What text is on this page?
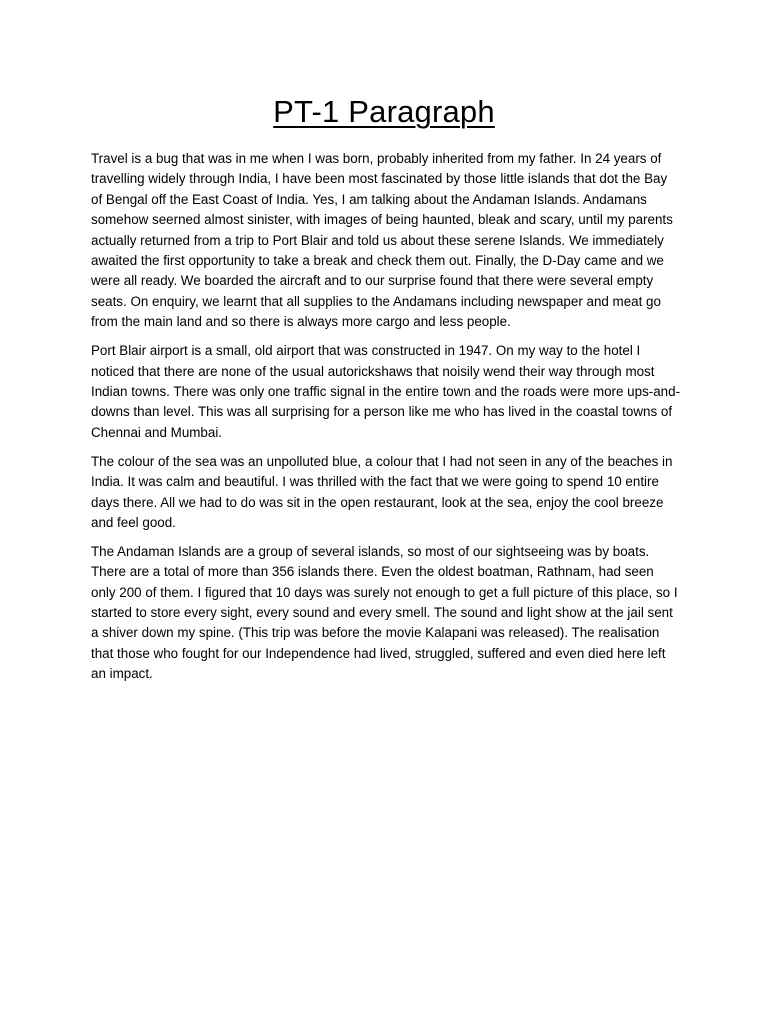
PT-1 Paragraph

Travel is a bug that was in me when I was born, probably inherited from my father. In 24 years of travelling widely through India, I have been most fascinated by those little islands that dot the Bay of Bengal off the East Coast of India. Yes, I am talking about the Andaman Islands. Andamans somehow seerned almost sinister, with images of being haunted, bleak and scary, until my parents actually returned from a trip to Port Blair and told us about these serene Islands. We immediately awaited the first opportunity to take a break and check them out. Finally, the D-Day came and we were all ready. We boarded the aircraft and to our surprise found that there were several empty seats. On enquiry, we learnt that all supplies to the Andamans including newspaper and meat go from the main land and so there is always more cargo and less people.

Port Blair airport is a small, old airport that was constructed in 1947. On my way to the hotel I noticed that there are none of the usual autorickshaws that noisily wend their way through most Indian towns. There was only one traffic signal in the entire town and the roads were more ups-and-downs than level. This was all surprising for a person like me who has lived in the coastal towns of Chennai and Mumbai.

The colour of the sea was an unpolluted blue, a colour that I had not seen in any of the beaches in India. It was calm and beautiful. I was thrilled with the fact that we were going to spend 10 entire days there. All we had to do was sit in the open restaurant, look at the sea, enjoy the cool breeze and feel good.

The Andaman Islands are a group of several islands, so most of our sightseeing was by boats. There are a total of more than 356 islands there. Even the oldest boatman, Rathnam, had seen only 200 of them. I figured that 10 days was surely not enough to get a full picture of this place, so I started to store every sight, every sound and every smell. The sound and light show at the jail sent a shiver down my spine. (This trip was before the movie Kalapani was released). The realisation that those who fought for our Independence had lived, struggled, suffered and even died here left an impact.
